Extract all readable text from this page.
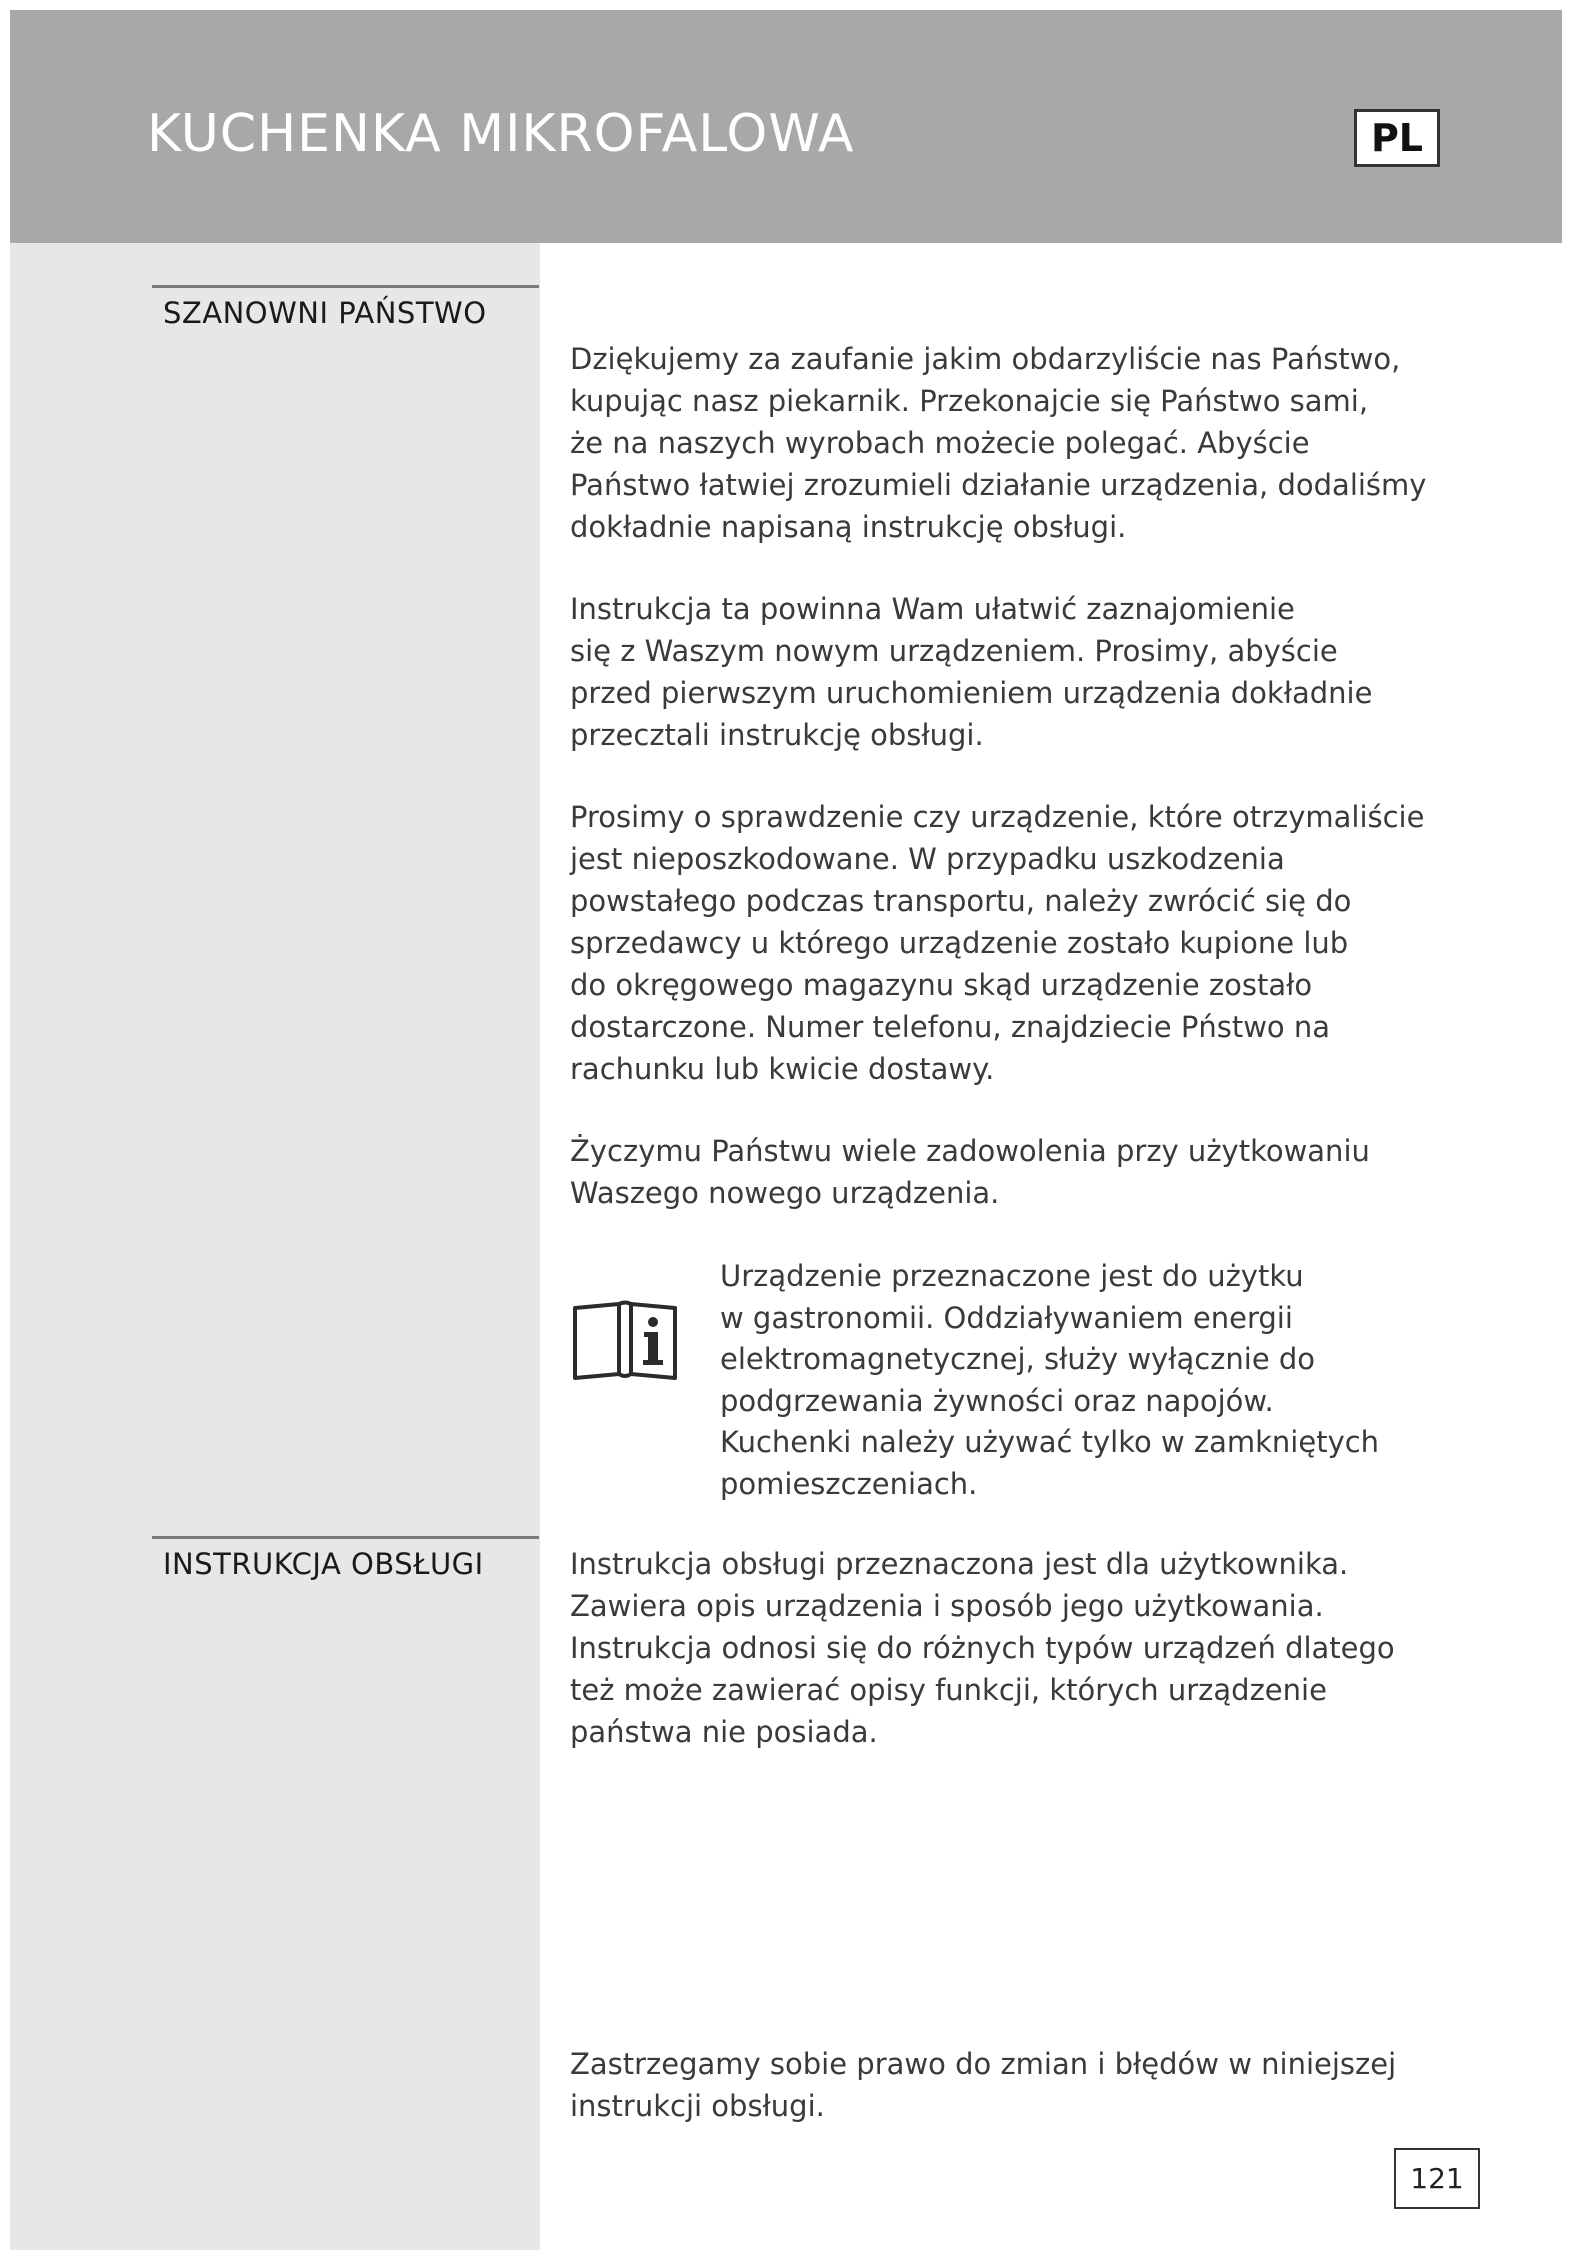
KUCHENKA MIKROFALOWA	PL
SZANOWNI PAŃSTWO
Dziękujemy za zaufanie jakim obdarzyliście nas Państwo,
kupując nasz piekarnik. Przekonajcie się Państwo sami,
że na naszych wyrobach możecie polegać. Abyście
Państwo łatwiej zrozumieli działanie urządzenia, dodaliśmy
dokładnie napisaną instrukcję obsługi.
Instrukcja ta powinna Wam ułatwić zaznajomienie
się z Waszym nowym urządzeniem. Prosimy, abyście
przed pierwszym uruchomieniem urządzenia dokładnie
przecztali instrukcję obsługi.
Prosimy o sprawdzenie czy urządzenie, które otrzymaliście
jest nieposzkodowane. W przypadku uszkodzenia
powstałego podczas transportu, należy zwrócić się do
sprzedawcy u którego urządzenie zostało kupione lub
do okręgowego magazynu skąd urządzenie zostało
dostarczone. Numer telefonu, znajdziecie Pństwo na
rachunku lub kwicie dostawy.
Życzymu Państwu wiele zadowolenia przy użytkowaniu
Waszego nowego urządzenia.
Urządzenie przeznaczone jest do użytku
w gastronomii. Oddziaływaniem energii
elektromagnetycznej, służy wyłącznie do
podgrzewania żywności oraz napojów.
Kuchenki należy używać tylko w zamkniętych
pomieszczeniach.
INSTRUKCJA OBSŁUGI	Instrukcja obsługi przeznaczona jest dla użytkownika.
Zawiera opis urządzenia i sposób jego użytkowania.
Instrukcja odnosi się do różnych typów urządzeń dlatego
też może zawierać opisy funkcji, których urządzenie
państwa nie posiada.
Zastrzegamy sobie prawo do zmian i błędów w niniejszej
instrukcji obsługi.
121
